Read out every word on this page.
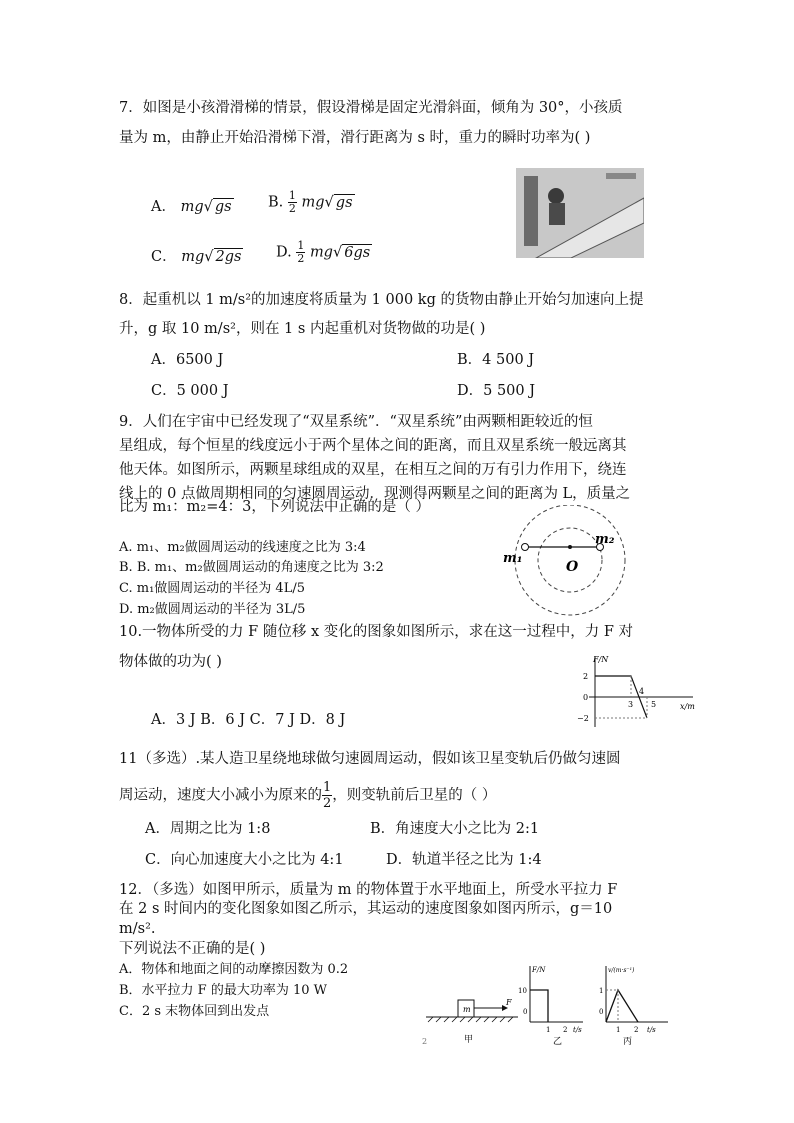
7．如图是小孩滑滑梯的情景，假设滑梯是固定光滑斜面，倾角为 30°，小孩质
量为 m，由静止开始沿滑梯下滑，滑行距离为 s 时，重力的瞬时功率为( )
A． mg√ gs	B. $\frac{1}{2} mg√$ gs
C． mg√ 2gs D. $\frac{1}{2} mg√$ 6gs
8．起重机以 1 m/s²的加速度将质量为 1 000 kg 的货物由静止开始匀加速向上提
升，g 取 10 m/s²，则在 1 s 内起重机对货物做的功是( )
A．6500 J	B．4 500 J
C．5 000 J	D．5 500 J
9．人们在宇宙中已经发现了“双星系统”．“双星系统”由两颗相距较近的恒
星组成，每个恒星的线度远小于两个星体之间的距离，而且双星系统一般远离其
他天体。如图所示，两颗星球组成的双星，在相互之间的万有引力作用下，绕连
线上的 0 点做周期相同的匀速圆周运动．现测得两颗星之间的距离为 L，质量之
比为 m₁：m₂=4：3，下列说法中正确的是（ ）
A. m₁、m₂做圆周运动的线速度之比为 3:4
B. B. m₁、m₂做圆周运动的角速度之比为 3:2
C. m₁做圆周运动的半径为 4L/5
D. m₂做圆周运动的半径为 3L/5
m₁
m₂
O
10.一物体所受的力 F 随位移 x 变化的图象如图所示，求在这一过程中，力 F 对
物体做的功为( )
A．3 J B．6 J C．7 J D．8 J
F/N
x/m
2
0
−2
3
4
5
11（多选）.某人造卫星绕地球做匀速圆周运动，假如该卫星变轨后仍做匀速圆
周运动，速度大小减小为原来的 $\frac{1}{2}$ ，则变轨前后卫星的（ ）
A．周期之比为 1:8	B．角速度大小之比为 2:1
C．向心加速度大小之比为 4:1	D．轨道半径之比为 1:4
12．（多选）如图甲所示，质量为 m 的物体置于水平地面上，所受水平拉力 F
在 2 s 时间内的变化图象如图乙所示，其运动的速度图象如图丙所示，g＝10
m/s².
下列说法不正确的是( )
A．物体和地面之间的动摩擦因数为 0.2
B．水平拉力 F 的最大功率为 10 W
C．2 s 末物体回到出发点	m
F
甲
2
F/N
10
0
1 2 t/s
乙
v/(m·s⁻¹)
1
0
1 2 t/s
丙
